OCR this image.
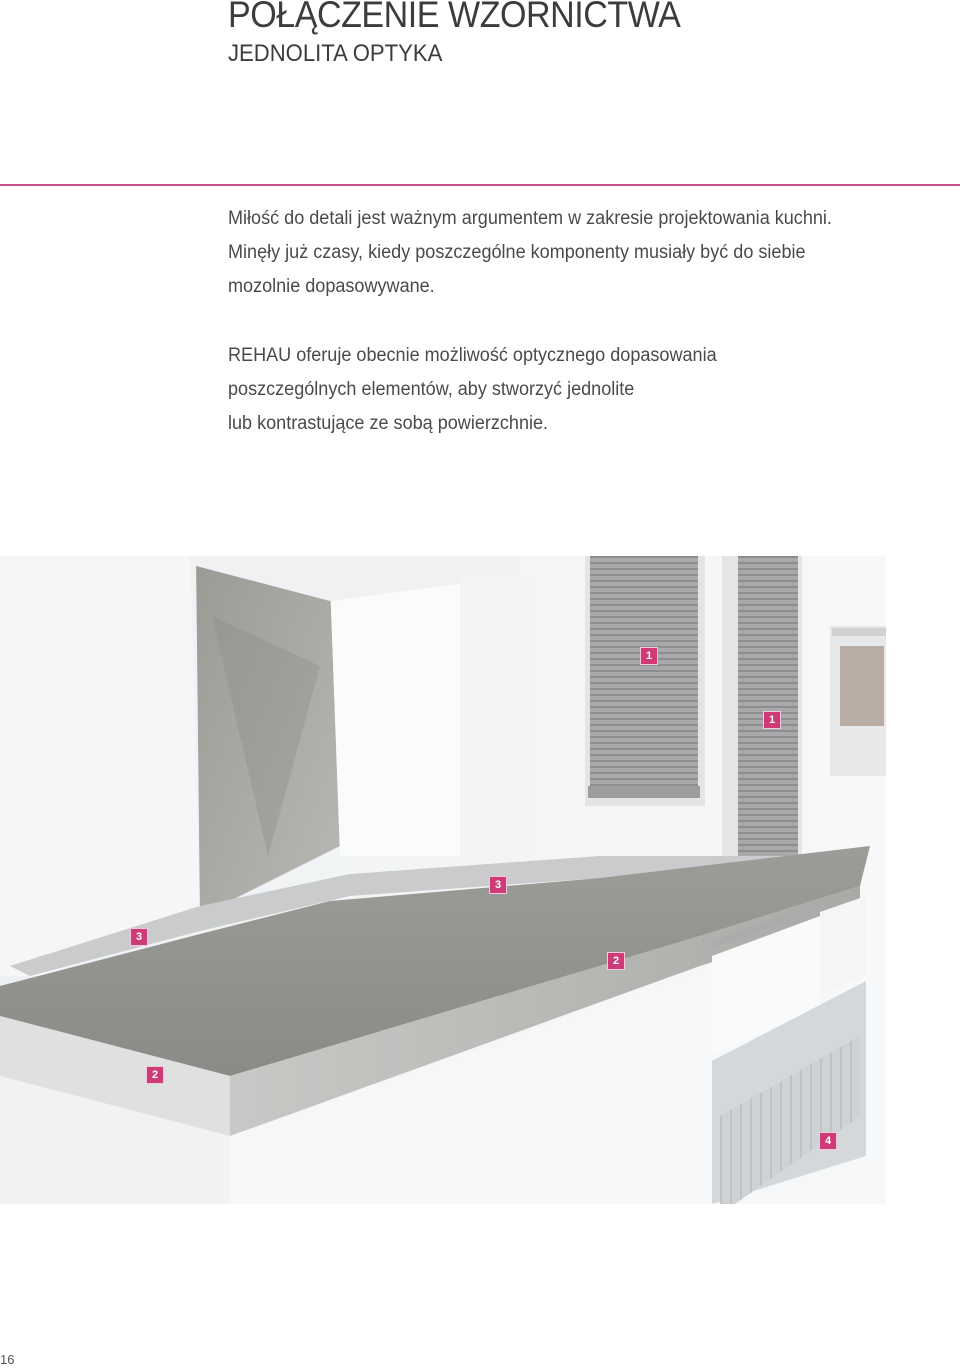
POŁĄCZENIE WZORNICTWA
JEDNOLITA OPTYKA
Miłość do detali jest ważnym argumentem w zakresie projektowania kuchni.
Minęły już czasy, kiedy poszczególne komponenty musiały być do siebie
mozolnie dopasowywane.
REHAU oferuje obecnie możliwość optycznego dopasowania
poszczególnych elementów, aby stworzyć jednolite
lub kontrastujące ze sobą powierzchnie.
1
1
3
3
2
2
4
16
